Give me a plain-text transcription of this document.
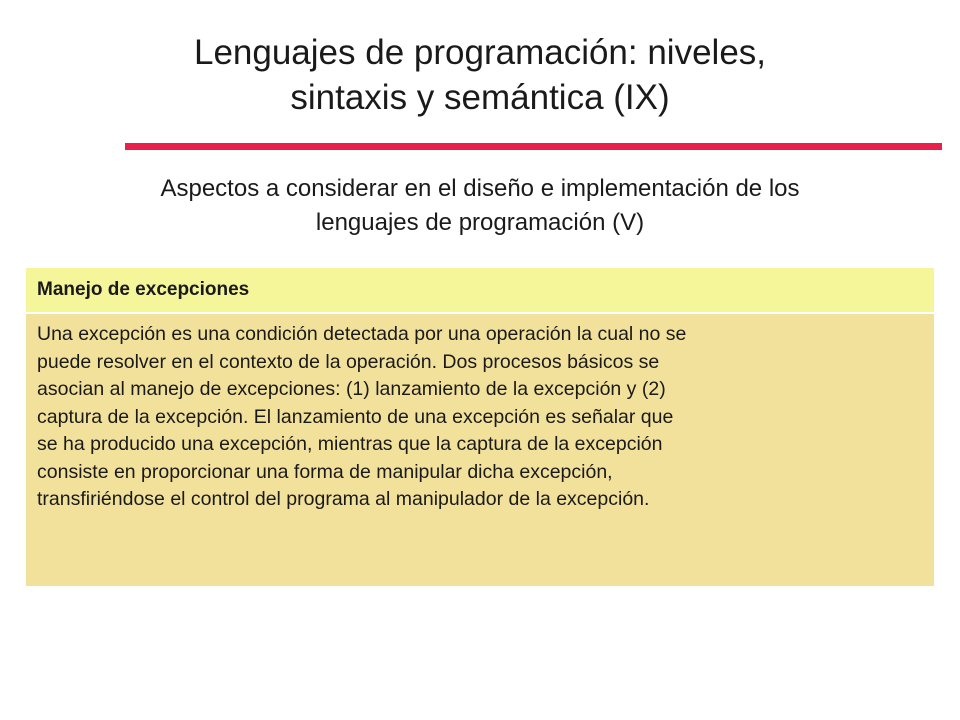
Lenguajes de programación: niveles,
sintaxis y semántica (IX)
Aspectos a considerar en el diseño e implementación de los
lenguajes de programación (V)
Manejo de excepciones
Una excepción es una condición detectada por una operación la cual no se
puede resolver en el contexto de la operación. Dos procesos básicos se
asocian al manejo de excepciones: (1) lanzamiento de la excepción y (2)
captura de la excepción. El lanzamiento de una excepción es señalar que
se ha producido una excepción, mientras que la captura de la excepción
consiste en proporcionar una forma de manipular dicha excepción,
transfiriéndose el control del programa al manipulador de la excepción.
